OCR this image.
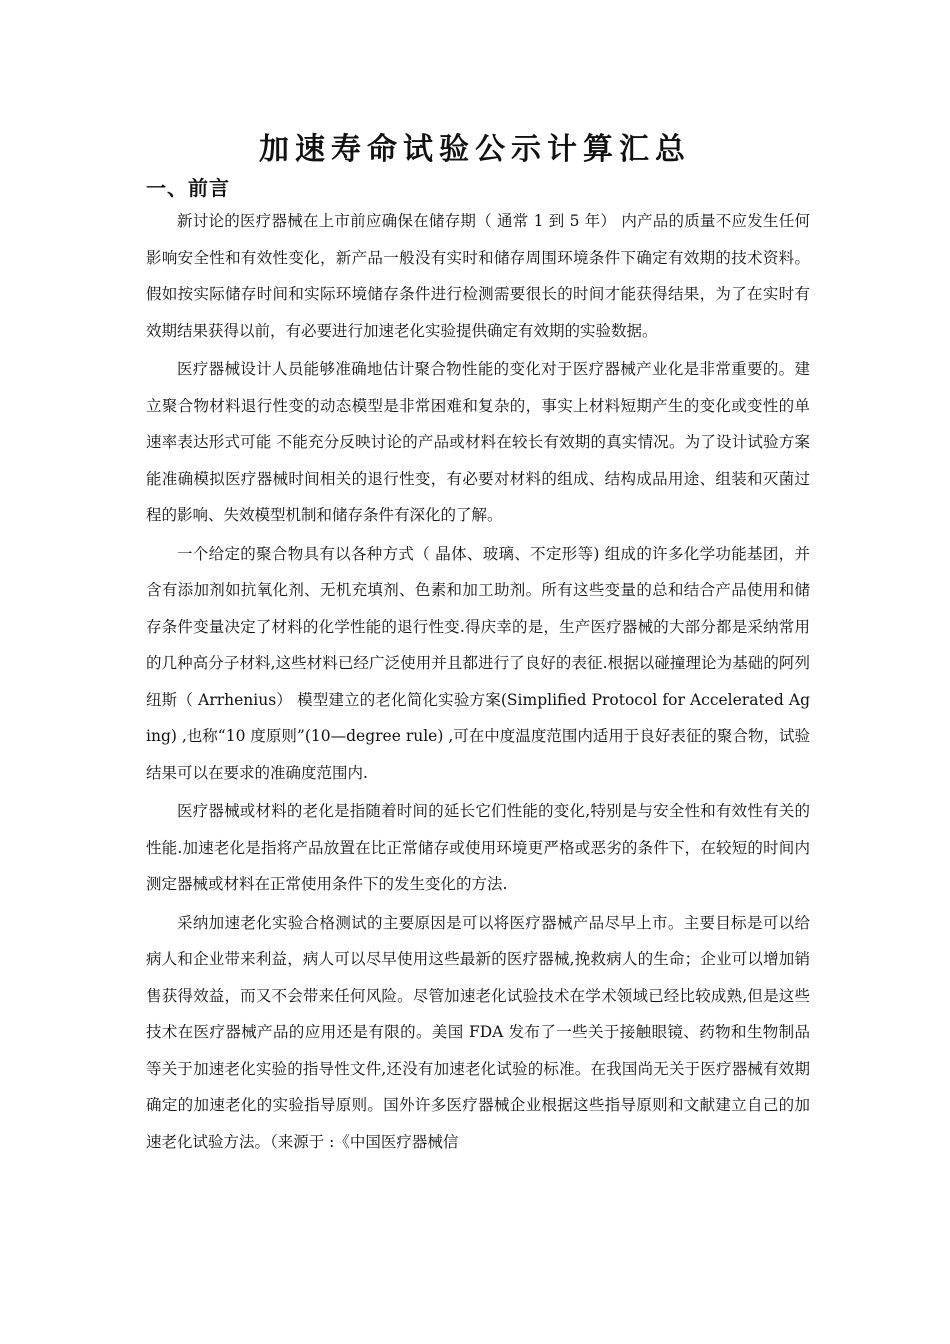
加速寿命试验公示计算汇总
一、前言

新讨论的医疗器械在上市前应确保在储存期（ 通常 1 到 5 年） 内产品的质量不应发生任何影响安全性和有效性变化，新产品一般没有实时和储存周围环境条件下确定有效期的技术资料。假如按实际储存时间和实际环境储存条件进行检测需要很长的时间才能获得结果，为了在实时有效期结果获得以前，有必要进行加速老化实验提供确定有效期的实验数据。

医疗器械设计人员能够准确地估计聚合物性能的变化对于医疗器械产业化是非常重要的。建立聚合物材料退行性变的动态模型是非常困难和复杂的，事实上材料短期产生的变化或变性的单速率表达形式可能 不能充分反映讨论的产品或材料在较长有效期的真实情况。为了设计试验方案能准确模拟医疗器械时间相关的退行性变，有必要对材料的组成、结构成品用途、组装和灭菌过程的影响、失效模型机制和储存条件有深化的了解。

一个给定的聚合物具有以各种方式（ 晶体、玻璃、不定形等) 组成的许多化学功能基团，并含有添加剂如抗氧化剂、无机充填剂、色素和加工助剂。所有这些变量的总和结合产品使用和储存条件变量决定了材料的化学性能的退行性变.得庆幸的是，生产医疗器械的大部分都是采纳常用的几种高分子材料,这些材料已经广泛使用并且都进行了良好的表征.根据以碰撞理论为基础的阿列纽斯（ Arrhenius） 模型建立的老化简化实验方案(Simplified Protocol for Accelerated Aging) ,也称“10 度原则”(10—degree rule) ,可在中度温度范围内适用于良好表征的聚合物，试验结果可以在要求的准确度范围内.

医疗器械或材料的老化是指随着时间的延长它们性能的变化,特别是与安全性和有效性有关的性能.加速老化是指将产品放置在比正常储存或使用环境更严格或恶劣的条件下，在较短的时间内测定器械或材料在正常使用条件下的发生变化的方法.

采纳加速老化实验合格测试的主要原因是可以将医疗器械产品尽早上市。主要目标是可以给病人和企业带来利益，病人可以尽早使用这些最新的医疗器械,挽救病人的生命；企业可以增加销售获得效益，而又不会带来任何风险。尽管加速老化试验技术在学术领域已经比较成熟,但是这些技术在医疗器械产品的应用还是有限的。美国 FDA 发布了一些关于接触眼镜、药物和生物制品等关于加速老化实验的指导性文件,还没有加速老化试验的标准。在我国尚无关于医疗器械有效期确定的加速老化的实验指导原则。国外许多医疗器械企业根据这些指导原则和文献建立自己的加速老化试验方法。（来源于 :《中国医疗器械信
